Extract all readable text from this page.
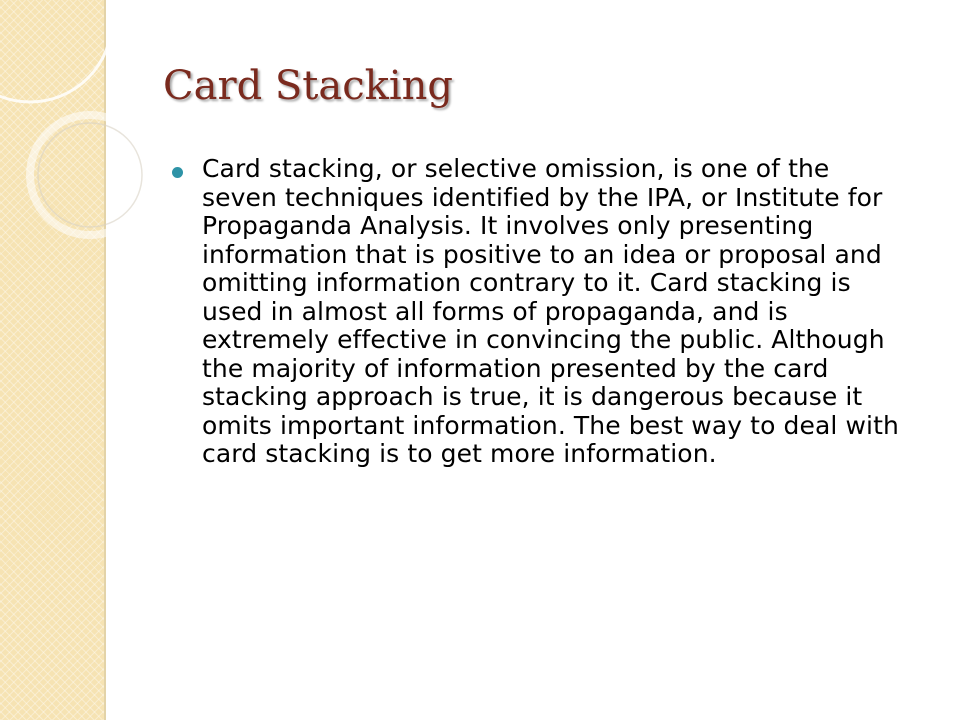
Card Stacking
Card stacking, or selective omission, is one of the seven techniques identified by the IPA, or Institute for Propaganda Analysis. It involves only presenting information that is positive to an idea or proposal and omitting information contrary to it. Card stacking is used in almost all forms of propaganda, and is extremely effective in convincing the public. Although the majority of information presented by the card stacking approach is true, it is dangerous because it omits important information. The best way to deal with card stacking is to get more information.
